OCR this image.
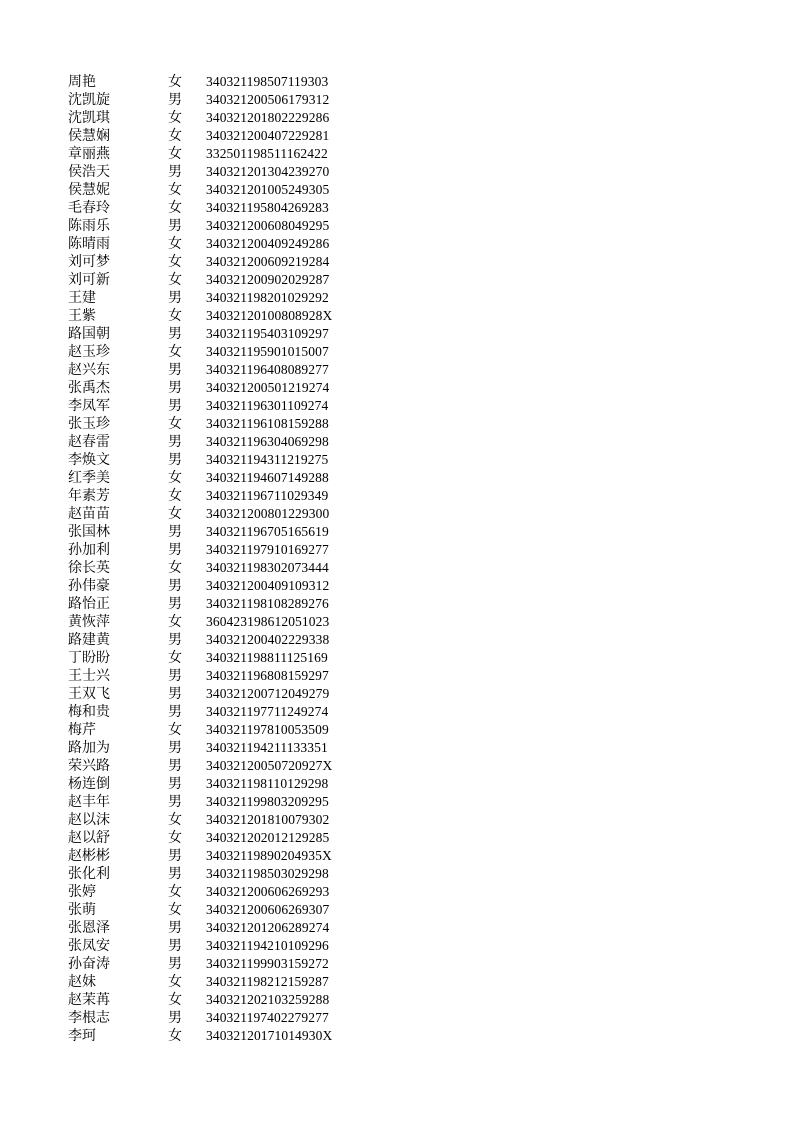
周艳	女	340321198507119303
沈凯旋	男	340321200506179312
沈凯琪	女	340321201802229286
侯慧娴	女	340321200407229281
章丽燕	女	332501198511162422
侯浩天	男	340321201304239270
侯慧妮	女	340321201005249305
毛春玲	女	340321195804269283
陈雨乐	男	340321200608049295
陈晴雨	女	340321200409249286
刘可梦	女	340321200609219284
刘可新	女	340321200902029287
王建	男	340321198201029292
王紫	女	34032120100808928X
路国朝	男	340321195403109297
赵玉珍	女	340321195901015007
赵兴东	男	340321196408089277
张禹杰	男	340321200501219274
李凤军	男	340321196301109274
张玉珍	女	340321196108159288
赵春雷	男	340321196304069298
李焕文	男	340321194311219275
红季美	女	340321194607149288
年素芳	女	340321196711029349
赵苗苗	女	340321200801229300
张国林	男	340321196705165619
孙加利	男	340321197910169277
徐长英	女	340321198302073444
孙伟豪	男	340321200409109312
路怡正	男	340321198108289276
黄恢萍	女	360423198612051023
路建黄	男	340321200402229338
丁盼盼	女	340321198811125169
王士兴	男	340321196808159297
王双飞	男	340321200712049279
梅和贵	男	340321197711249274
梅芹	女	340321197810053509
路加为	男	340321194211133351
荣兴路	男	34032120050720927X
杨连倒	男	340321198110129298
赵丰年	男	340321199803209295
赵以沫	女	340321201810079302
赵以舒	女	340321202012129285
赵彬彬	男	34032119890204935X
张化利	男	340321198503029298
张婷	女	340321200606269293
张萌	女	340321200606269307
张恩泽	男	340321201206289274
张凤安	男	340321194210109296
孙奋涛	男	340321199903159272
赵妹	女	340321198212159287
赵茉苒	女	340321202103259288
李根志	男	340321197402279277
李珂	女	34032120171014930X
